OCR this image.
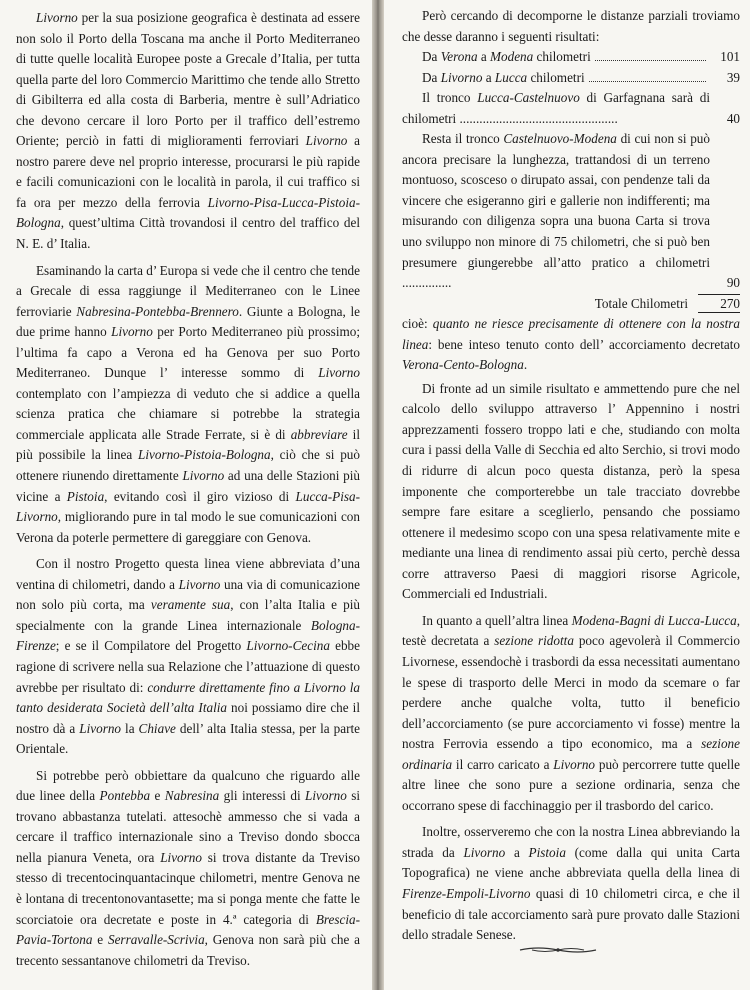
Livorno per la sua posizione geografica è destinata ad essere non solo il Porto della Toscana ma anche il Porto Mediterraneo di tutte quelle località Europee poste a Grecale d’Italia, per tutta quella parte del loro Commercio Marittimo che tende allo Stretto di Gibilterra ed alla costa di Barberia, mentre è sull’Adriatico che devono cercare il loro Porto per il traffico dell’estremo Oriente; perciò in fatti di miglioramenti ferroviari Livorno a nostro parere deve nel proprio interesse, procurarsi le più rapide e facili comunicazioni con le località in parola, il cui traffico si fa ora per mezzo della ferrovia Livorno-Pisa-Lucca-Pistoia-Bologna, quest’ultima Città trovandosi il centro del traffico del N. E. d’ Italia.

Esaminando la carta d’ Europa si vede che il centro che tende a Grecale di essa raggiunge il Mediterraneo con le Linee ferroviarie Nabresina-Pontebba-Brennero. Giunte a Bologna, le due prime hanno Livorno per Porto Mediterraneo più prossimo; l’ultima fa capo a Verona ed ha Genova per suo Porto Mediterraneo. Dunque l’ interesse sommo di Livorno contemplato con l’ampiezza di veduto che si addice a quella scienza pratica che chiamare si potrebbe la strategia commerciale applicata alle Strade Ferrate, si è di abbreviare il più possibile la linea Livorno-Pistoia-Bologna, ciò che si può ottenere riunendo direttamente Livorno ad una delle Stazioni più vicine a Pistoia, evitando così il giro vizioso di Lucca-Pisa-Livorno, migliorando pure in tal modo le sue comunicazioni con Verona da poterle permettere di gareggiare con Genova.

Con il nostro Progetto questa linea viene abbreviata d’una ventina di chilometri, dando a Livorno una via di comunicazione non solo più corta, ma veramente sua, con l’alta Italia e più specialmente con la grande Linea internazionale Bologna-Firenze; e se il Compilatore del Progetto Livorno-Cecina ebbe ragione di scrivere nella sua Relazione che l’attuazione di questo avrebbe per risultato di: condurre direttamente fino a Livorno la tanto desiderata Società dell’alta Italia noi possiamo dire che il nostro dà a Livorno la Chiave dell’ alta Italia stessa, per la parte Orientale.

Si potrebbe però obbiettare da qualcuno che riguardo alle due linee della Pontebba e Nabresina gli interessi di Livorno si trovano abbastanza tutelati. attesochè ammesso che si vada a cercare il traffico internazionale sino a Treviso dondo sbocca nella pianura Veneta, ora Livorno si trova distante da Treviso stesso di trecentocinquantacinque chilometri, mentre Genova ne è lontana di trecentonovantasette; ma si ponga mente che fatte le scorciatoie ora decretate e poste in 4.ª categoria di Brescia-Pavia-Tortona e Serravalle-Scrivia, Genova non sarà più che a trecento sessantanove chilometri da Treviso.

Però cercando di decomporne le distanze parziali troviamo che desse daranno i seguenti risultati:

Da Verona a Modena chilometri	101
Da Livorno a Lucca chilometri	39

Il tronco Lucca-Castelnuovo di Garfagnana sarà di chilometri ................................................	40

Resta il tronco Castelnuovo-Modena di cui non si può ancora precisare la lunghezza, trattandosi di un terreno montuoso, scosceso o dirupato assai, con pendenze tali da vincere che esigeranno giri e gallerie non indifferenti; ma misurando con diligenza sopra una buona Carta si trova uno sviluppo non minore di 75 chilometri, che si può ben presumere giungerebbe all’atto pratico a chilometri ...............	90
Totale Chilometri	270

cioè: quanto ne riesce precisamente di ottenere con la nostra linea: bene inteso tenuto conto dell’ accorciamento decretato Verona-Cento-Bologna.

Di fronte ad un simile risultato e ammettendo pure che nel calcolo dello sviluppo attraverso l’ Appennino i nostri apprezzamenti fossero troppo lati e che, studiando con molta cura i passi della Valle di Secchia ed alto Serchio, si trovi modo di ridurre di alcun poco questa distanza, però la spesa imponente che comporterebbe un tale tracciato dovrebbe sempre fare esitare a sceglierlo, pensando che possiamo ottenere il medesimo scopo con una spesa relativamente mite e mediante una linea di rendimento assai più certo, perchè dessa corre attraverso Paesi di maggiori risorse Agricole, Commerciali ed Industriali.

In quanto a quell’altra linea Modena-Bagni di Lucca-Lucca, testè decretata a sezione ridotta poco agevolerà il Commercio Livornese, essendochè i trasbordi da essa necessitati aumentano le spese di trasporto delle Merci in modo da scemare o far perdere anche qualche volta, tutto il beneficio dell’accorciamento (se pure accorciamento vi fosse) mentre la nostra Ferrovia essendo a tipo economico, ma a sezione ordinaria il carro caricato a Livorno può percorrere tutte quelle altre linee che sono pure a sezione ordinaria, senza che occorrano spese di facchinaggio per il trasbordo del carico.

Inoltre, osserveremo che con la nostra Linea abbreviando la strada da Livorno a Pistoia (come dalla qui unita Carta Topografica) ne viene anche abbreviata quella della linea di Firenze-Empoli-Livorno quasi di 10 chilometri circa, e che il beneficio di tale accorciamento sarà pure provato dalle Stazioni dello stradale Senese.
